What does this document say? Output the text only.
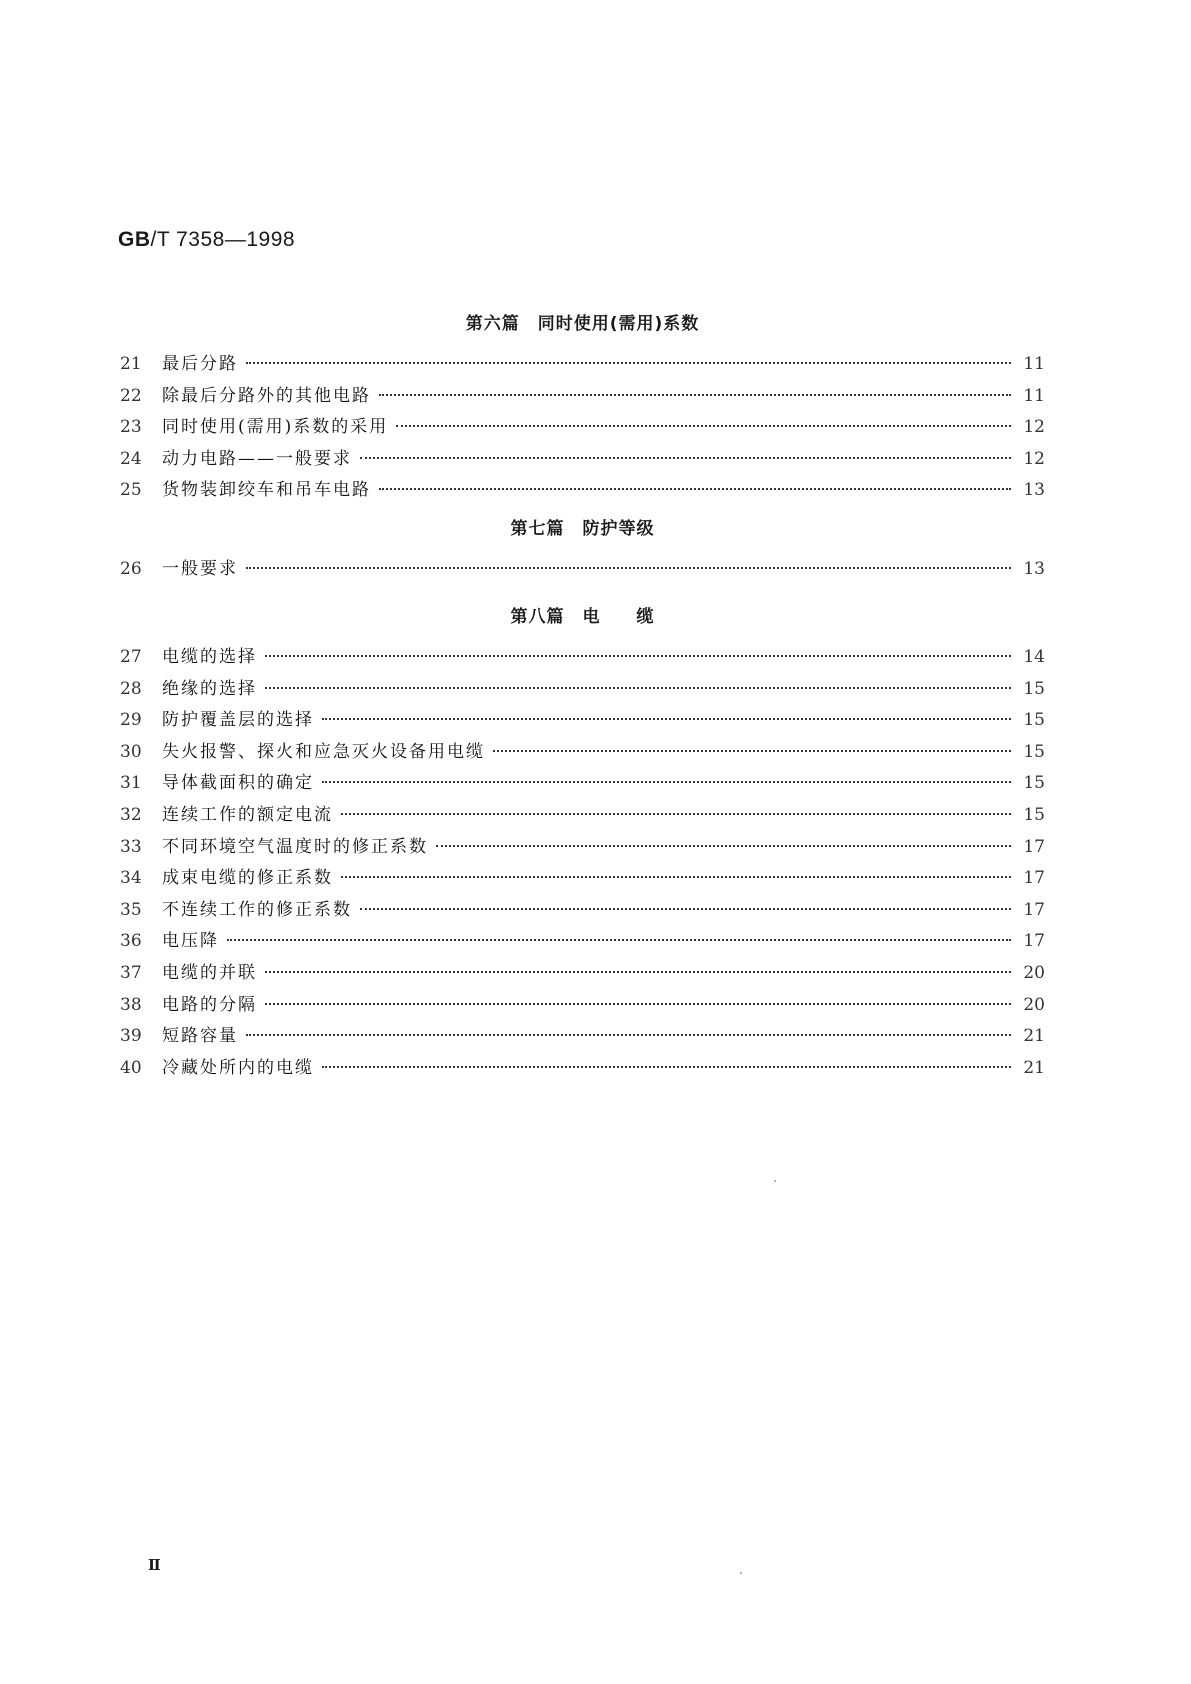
GB/T 7358—1998
第六篇　同时使用(需用)系数
21	最后分路	11
22	除最后分路外的其他电路	11
23	同时使用(需用)系数的采用	12
24	动力电路——一般要求	12
25	货物装卸绞车和吊车电路	13
第七篇　防护等级
26	一般要求	13
第八篇　电　　缆
27	电缆的选择	14
28	绝缘的选择	15
29	防护覆盖层的选择	15
30	失火报警、探火和应急灭火设备用电缆	15
31	导体截面积的确定	15
32	连续工作的额定电流	15
33	不同环境空气温度时的修正系数	17
34	成束电缆的修正系数	17
35	不连续工作的修正系数	17
36	电压降	17
37	电缆的并联	20
38	电路的分隔	20
39	短路容量	21
40	冷藏处所内的电缆	21
Ⅱ
